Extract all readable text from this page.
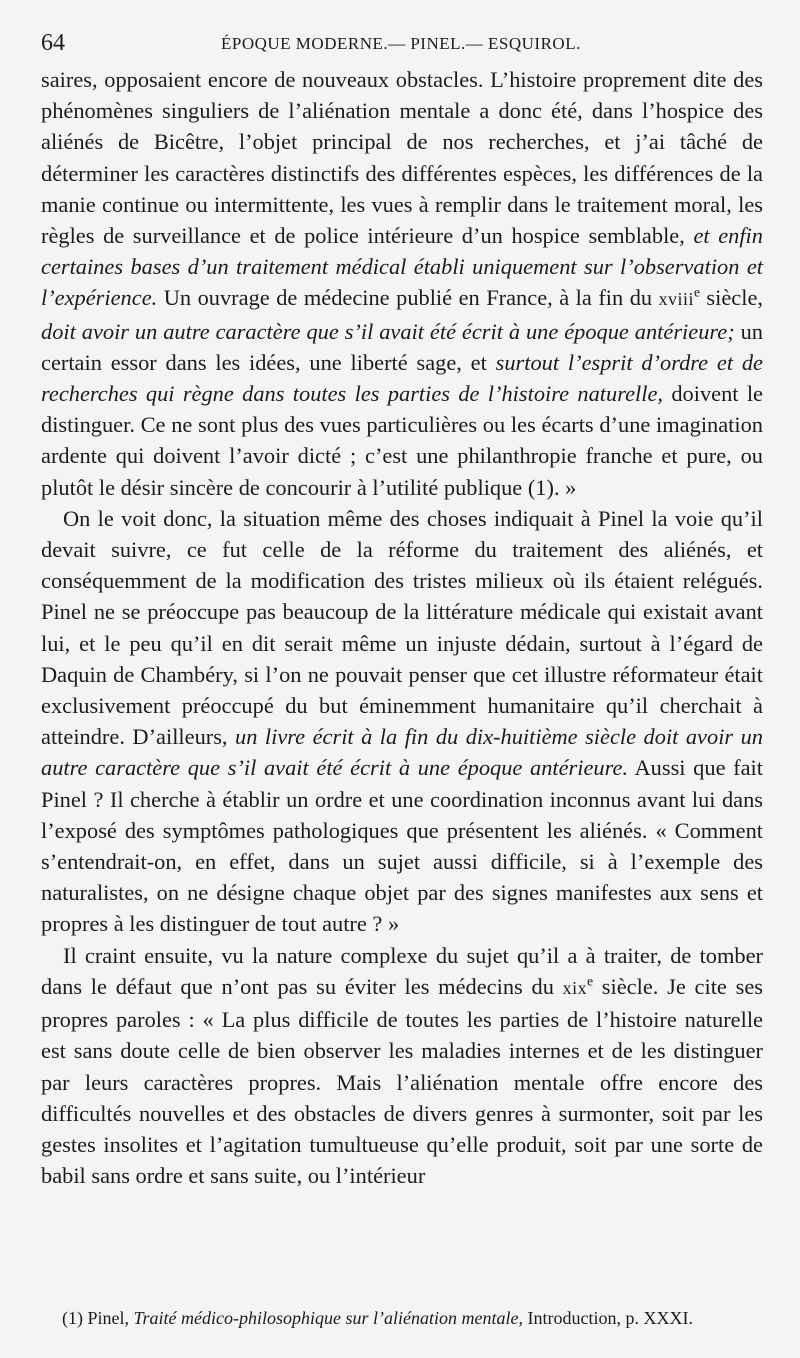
64	ÉPOQUE MODERNE.— PINEL.— ESQUIROL.

saires, opposaient encore de nouveaux obstacles. L’histoire proprement dite des phénomènes singuliers de l’aliénation mentale a donc été, dans l’hospice des aliénés de Bicêtre, l’objet principal de nos recherches, et j’ai tâché de déterminer les caractères distinctifs des différentes espèces, les différences de la manie continue ou intermittente, les vues à remplir dans le traitement moral, les règles de surveillance et de police intérieure d’un hospice semblable, et enfin certaines bases d’un traitement médical établi uniquement sur l’observation et l’expérience. Un ouvrage de médecine publié en France, à la fin du xviii$^e$ siècle, doit avoir un autre caractère que s’il avait été écrit à une époque antérieure; un certain essor dans les idées, une liberté sage, et surtout l’esprit d’ordre et de recherches qui règne dans toutes les parties de l’histoire naturelle, doivent le distinguer. Ce ne sont plus des vues particulières ou les écarts d’une imagination ardente qui doivent l’avoir dicté ; c’est une philanthropie franche et pure, ou plutôt le désir sincère de concourir à l’utilité publique (1). »

On le voit donc, la situation même des choses indiquait à Pinel la voie qu’il devait suivre, ce fut celle de la réforme du traitement des aliénés, et conséquemment de la modification des tristes milieux où ils étaient relégués. Pinel ne se préoccupe pas beaucoup de la littérature médicale qui existait avant lui, et le peu qu’il en dit serait même un injuste dédain, surtout à l’égard de Daquin de Chambéry, si l’on ne pouvait penser que cet illustre réformateur était exclusivement préoccupé du but éminemment humanitaire qu’il cherchait à atteindre. D’ailleurs, un livre écrit à la fin du dix-huitième siècle doit avoir un autre caractère que s’il avait été écrit à une époque antérieure. Aussi que fait Pinel ? Il cherche à établir un ordre et une coordination inconnus avant lui dans l’exposé des symptômes pathologiques que présentent les aliénés. « Comment s’entendrait-on, en effet, dans un sujet aussi difficile, si à l’exemple des naturalistes, on ne désigne chaque objet par des signes manifestes aux sens et propres à les distinguer de tout autre ? »

Il craint ensuite, vu la nature complexe du sujet qu’il a à traiter, de tomber dans le défaut que n’ont pas su éviter les médecins du xix$^e$ siècle. Je cite ses propres paroles : « La plus difficile de toutes les parties de l’histoire naturelle est sans doute celle de bien observer les maladies internes et de les distinguer par leurs caractères propres. Mais l’aliénation mentale offre encore des difficultés nouvelles et des obstacles de divers genres à surmonter, soit par les gestes insolites et l’agitation tumultueuse qu’elle produit, soit par une sorte de babil sans ordre et sans suite, ou l’intérieur

(1) Pinel, Traité médico-philosophique sur l’aliénation mentale, Introduction, p. XXXI.
